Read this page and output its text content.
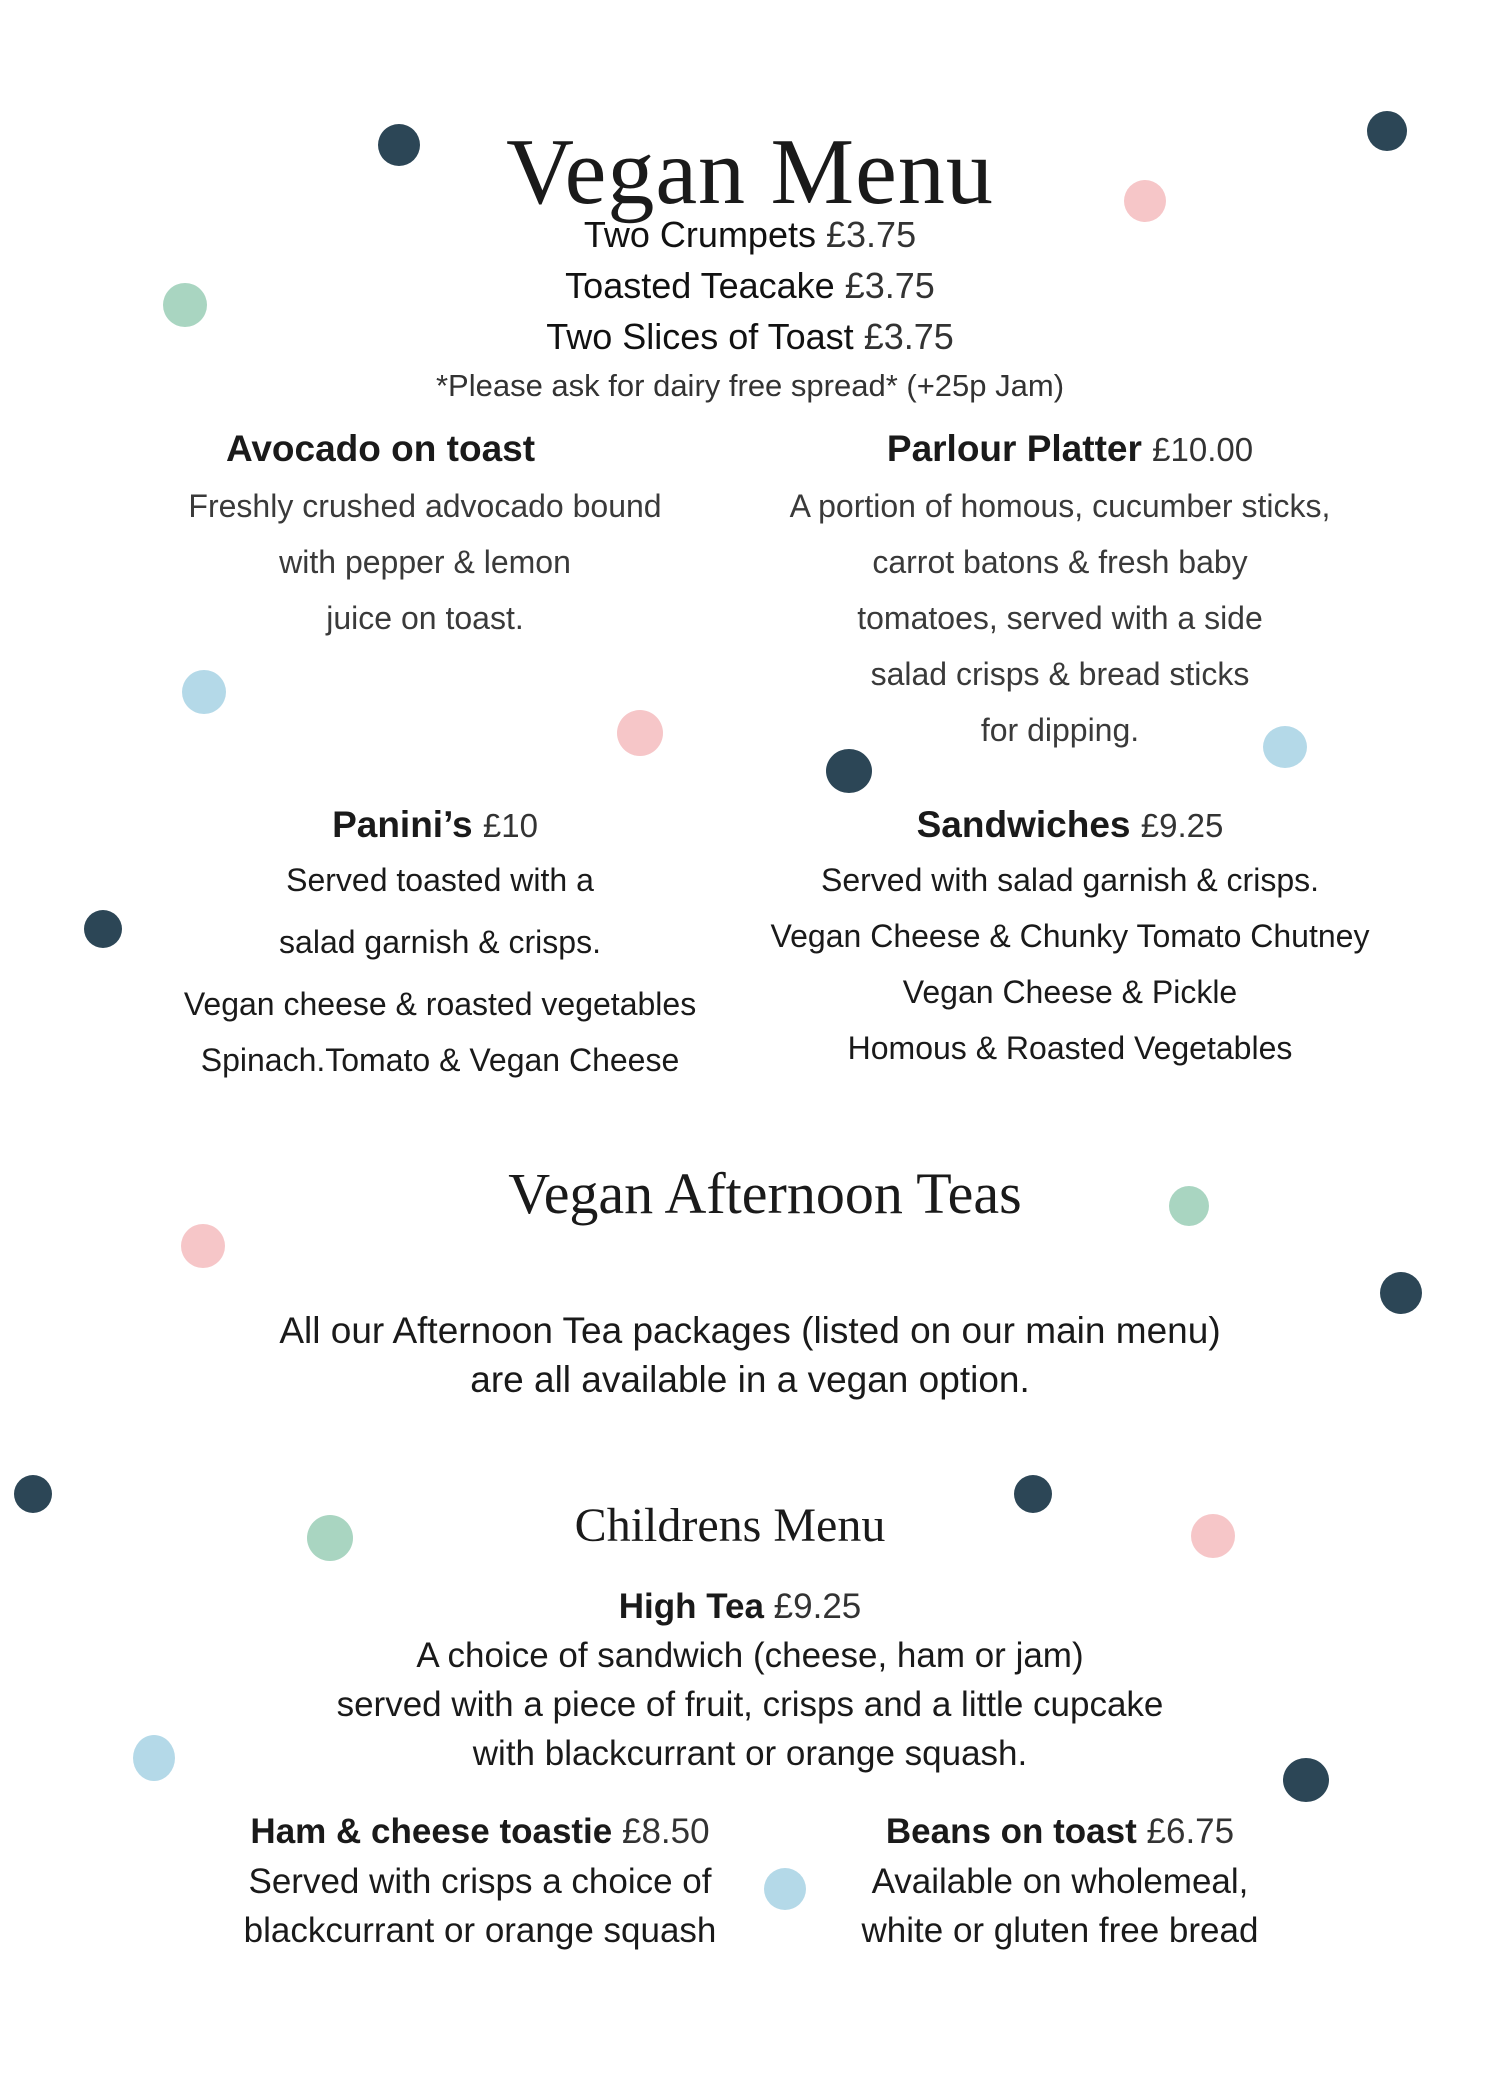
Vegan Menu
Two Crumpets £3.75
Toasted Teacake £3.75
Two Slices of Toast £3.75
*Please ask for dairy free spread* (+25p Jam)
Avocado on toast
Freshly crushed advocado bound
with pepper & lemon
juice on toast.
Parlour Platter £10.00
A portion of homous, cucumber sticks,
carrot batons & fresh baby
tomatoes, served with a side
salad crisps & bread sticks
for dipping.
Panini’s £10
Served toasted with a
salad garnish & crisps.
Vegan cheese & roasted vegetables
Spinach.Tomato & Vegan Cheese
Sandwiches £9.25
Served with salad garnish & crisps.
Vegan Cheese & Chunky Tomato Chutney
Vegan Cheese & Pickle
Homous & Roasted Vegetables
Vegan Afternoon Teas
All our Afternoon Tea packages (listed on our main menu)
are all available in a vegan option.
Childrens Menu
High Tea £9.25
A choice of sandwich (cheese, ham or jam)
served with a piece of fruit, crisps and a little cupcake
with blackcurrant or orange squash.
Ham & cheese toastie £8.50
Served with crisps a choice of
blackcurrant or orange squash
Beans on toast £6.75
Available on wholemeal,
white or gluten free bread
